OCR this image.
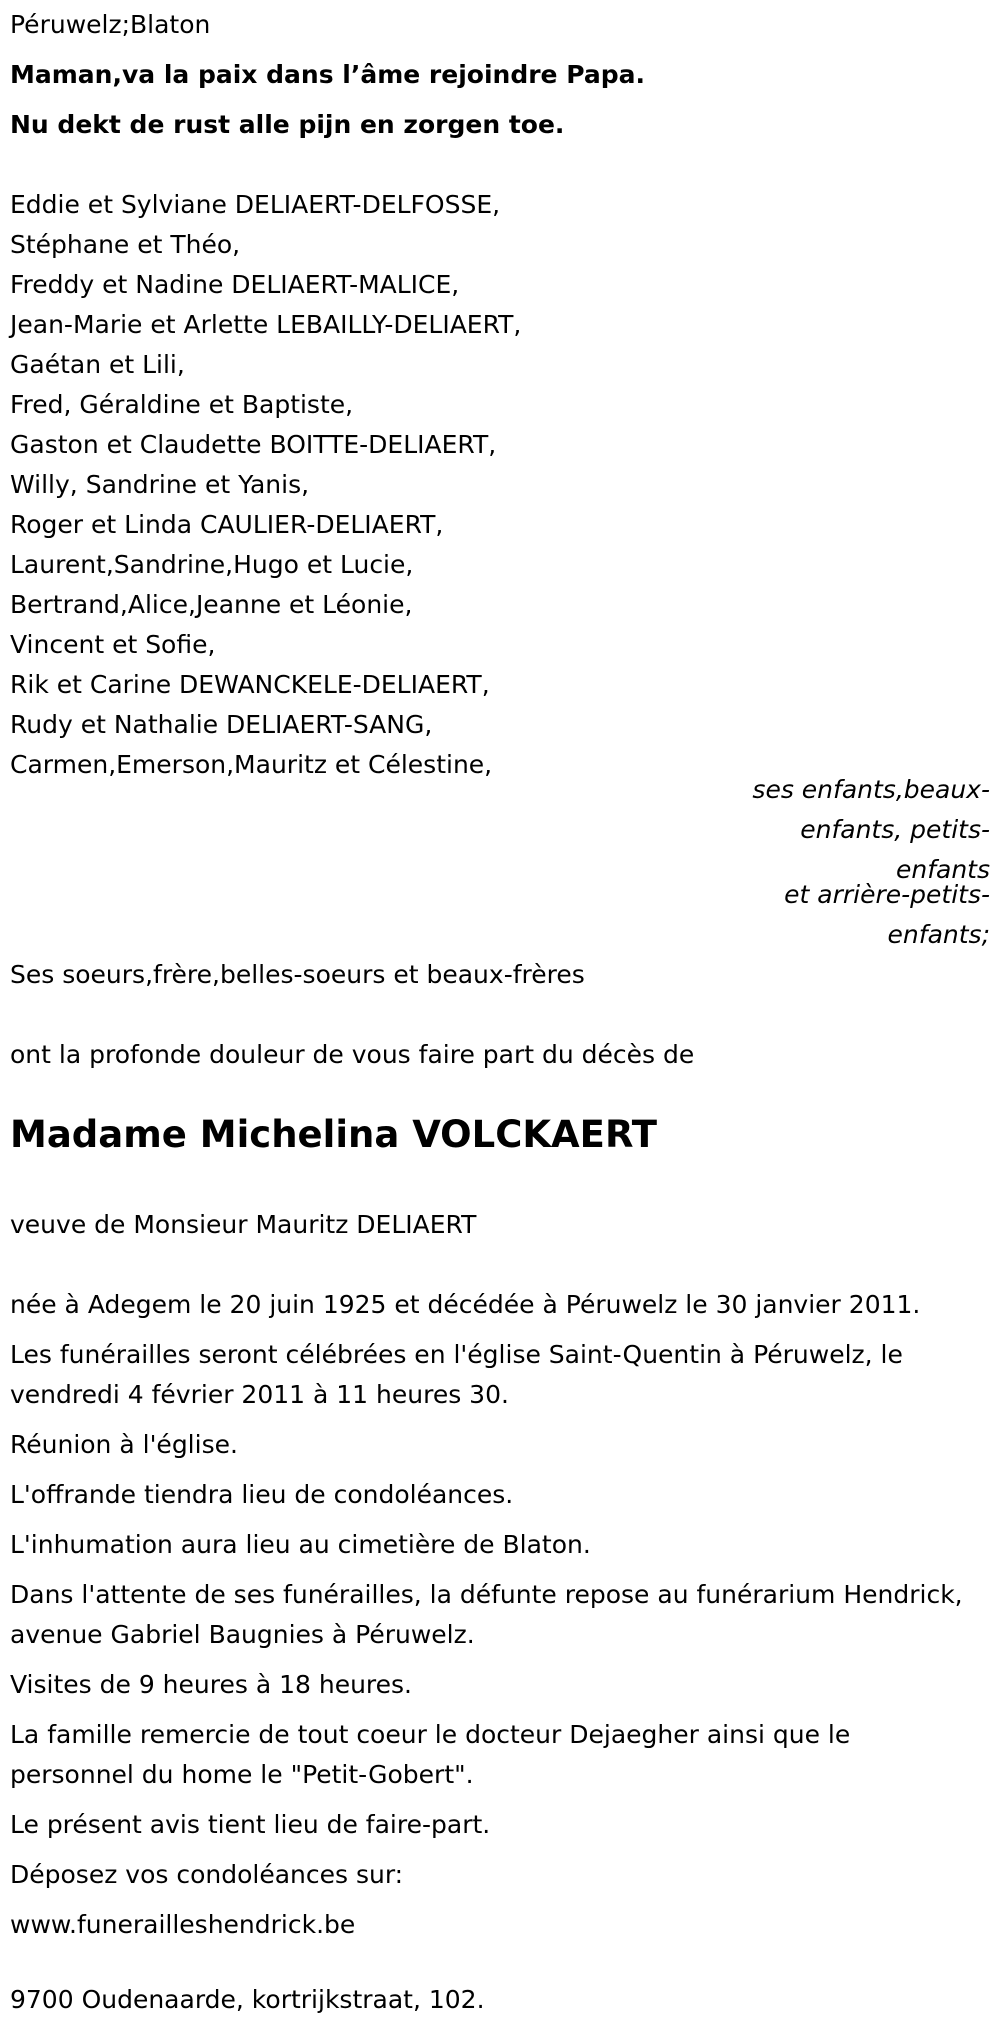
Péruwelz;Blaton
Maman,va la paix dans l’âme rejoindre Papa.
Nu dekt de rust alle pijn en zorgen toe.
Eddie et Sylviane DELIAERT-DELFOSSE,
Stéphane et Théo,
Freddy et Nadine DELIAERT-MALICE,
Jean-Marie et Arlette LEBAILLY-DELIAERT,
Gaétan et Lili,
Fred, Géraldine et Baptiste,
Gaston et Claudette BOITTE-DELIAERT,
Willy, Sandrine et Yanis,
Roger et Linda CAULIER-DELIAERT,
Laurent,Sandrine,Hugo et Lucie,
Bertrand,Alice,Jeanne et Léonie,
Vincent et Sofie,
Rik et Carine DEWANCKELE-DELIAERT,
Rudy et Nathalie DELIAERT-SANG,
Carmen,Emerson,Mauritz et Célestine,
ses enfants,beaux-
enfants, petits-
enfants
et arrière-petits-
enfants;
Ses soeurs,frère,belles-soeurs et beaux-frères
ont la profonde douleur de vous faire part du décès de
Madame Michelina VOLCKAERT
veuve de Monsieur Mauritz DELIAERT
née à Adegem le 20 juin 1925 et décédée à Péruwelz le 30 janvier 2011.
Les funérailles seront célébrées en l'église Saint-Quentin à Péruwelz, le vendredi 4 février 2011 à 11 heures 30.
Réunion à l'église.
L'offrande tiendra lieu de condoléances.
L'inhumation aura lieu au cimetière de Blaton.
Dans l'attente de ses funérailles, la défunte repose au funérarium Hendrick, avenue Gabriel Baugnies à Péruwelz.
Visites de 9 heures à 18 heures.
La famille remercie de tout coeur le docteur Dejaegher ainsi que le personnel du home le "Petit-Gobert".
Le présent avis tient lieu de faire-part.
Déposez vos condoléances sur:
www.funerailleshendrick.be
9700 Oudenaarde, kortrijkstraat, 102.
